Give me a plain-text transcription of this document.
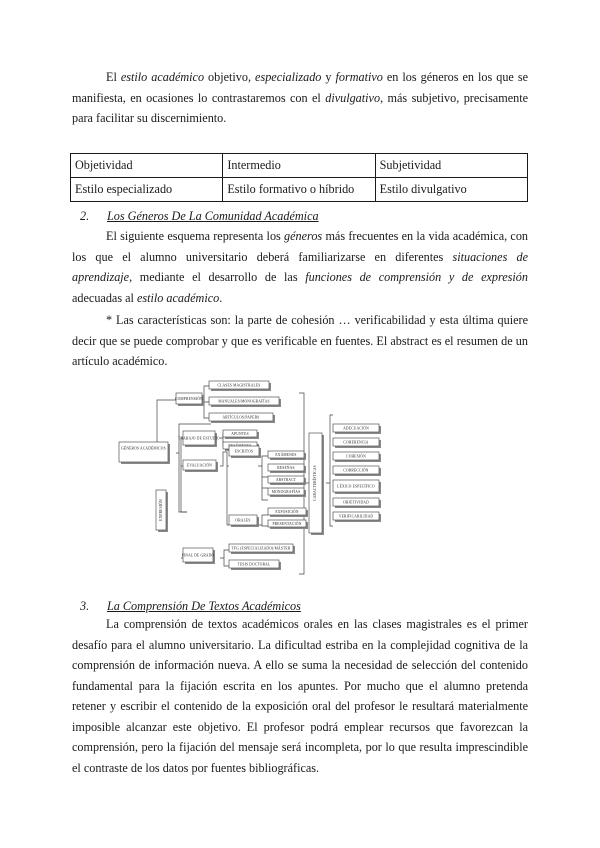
El estilo académico objetivo, especializado y formativo en los géneros en los que se manifiesta, en ocasiones lo contrastaremos con el divulgativo, más subjetivo, precisamente para facilitar su discernimiento.

Objetividad	Intermedio	Subjetividad
Estilo especializado	Estilo formativo o híbrido	Estilo divulgativo

2. Los Géneros De La Comunidad Académica

El siguiente esquema representa los géneros más frecuentes en la vida académica, con los que el alumno universitario deberá familiarizarse en diferentes situaciones de aprendizaje, mediante el desarrollo de las funciones de comprensión y de expresión adecuadas al estilo académico.

* Las características son: la parte de cohesión … verificabilidad y esta última quiere decir que se puede comprobar y que es verificable en fuentes. El abstract es el resumen de un artículo académico.

GÉNEROS ACADÉMICOS
COMPRENSIÓN
CLASES MAGISTRALES
MANUALES/MONOGRAFÍAS
ARTÍCULOS/PAPERS
EXPRESIÓN
TRABAJO DE ESTUDIO
APUNTES
EVALUACIÓN
ESCRITOS
EXÁMENES
RESEÑAS
ABSTRACT
MONOGRAFÍAS
ORALES
EXPOSICIÓN
PRESENTACIÓN
FINAL DE GRADO
TFG (ESPECIALIZADO)/MÁSTER
TESIS DOCTORAL
CARACTERÍSTICAS
ADECUACIÓN
COHERENCIA
COHESIÓN
CORRECCIÓN
LÉXICO ESPECÍFICO
OBJETIVIDAD
VERIFICABILIDAD

3. La Comprensión De Textos Académicos

La comprensión de textos académicos orales en las clases magistrales es el primer desafío para el alumno universitario. La dificultad estriba en la complejidad cognitiva de la comprensión de información nueva. A ello se suma la necesidad de selección del contenido fundamental para la fijación escrita en los apuntes. Por mucho que el alumno pretenda retener y escribir el contenido de la exposición oral del profesor le resultará materialmente imposible alcanzar este objetivo. El profesor podrá emplear recursos que favorezcan la comprensión, pero la fijación del mensaje será incompleta, por lo que resulta imprescindible el contraste de los datos por fuentes bibliográficas.
